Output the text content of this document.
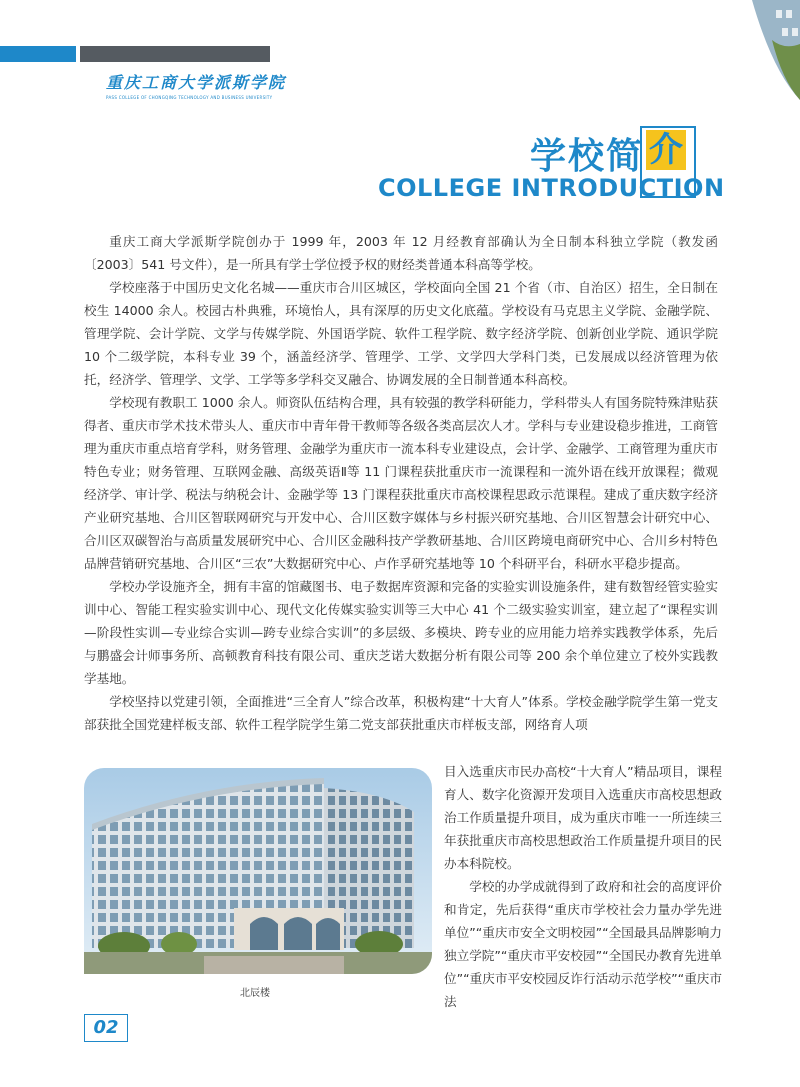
重庆工商大学派斯学院
PASS COLLEGE OF CHONGQING TECHNOLOGY AND BUSINESS UNIVERSITY
学校简 介
COLLEGE INTRODUCTION

重庆工商大学派斯学院创办于 1999 年，2003 年 12 月经教育部确认为全日制本科独立学院（教发函〔2003〕541 号文件），是一所具有学士学位授予权的财经类普通本科高等学校。

学校座落于中国历史文化名城——重庆市合川区城区，学校面向全国 21 个省（市、自治区）招生，全日制在校生 14000 余人。校园古朴典雅，环境怡人，具有深厚的历史文化底蕴。学校设有马克思主义学院、金融学院、管理学院、会计学院、文学与传媒学院、外国语学院、软件工程学院、数字经济学院、创新创业学院、通识学院 10 个二级学院，本科专业 39 个，涵盖经济学、管理学、工学、文学四大学科门类，已发展成以经济管理为依托，经济学、管理学、文学、工学等多学科交叉融合、协调发展的全日制普通本科高校。

学校现有教职工 1000 余人。师资队伍结构合理，具有较强的教学科研能力，学科带头人有国务院特殊津贴获得者、重庆市学术技术带头人、重庆市中青年骨干教师等各级各类高层次人才。学科与专业建设稳步推进，工商管理为重庆市重点培育学科，财务管理、金融学为重庆市一流本科专业建设点，会计学、金融学、工商管理为重庆市特色专业；财务管理、互联网金融、高级英语Ⅱ等 11 门课程获批重庆市一流课程和一流外语在线开放课程；微观经济学、审计学、税法与纳税会计、金融学等 13 门课程获批重庆市高校课程思政示范课程。建成了重庆数字经济产业研究基地、合川区智联网研究与开发中心、合川区数字媒体与乡村振兴研究基地、合川区智慧会计研究中心、合川区双碳智治与高质量发展研究中心、合川区金融科技产学教研基地、合川区跨境电商研究中心、合川乡村特色品牌营销研究基地、合川区“三农”大数据研究中心、卢作孚研究基地等 10 个科研平台，科研水平稳步提高。

学校办学设施齐全，拥有丰富的馆藏图书、电子数据库资源和完备的实验实训设施条件，建有数智经管实验实训中心、智能工程实验实训中心、现代文化传媒实验实训等三大中心 41 个二级实验实训室，建立起了“课程实训—阶段性实训—专业综合实训—跨专业综合实训”的多层级、多模块、跨专业的应用能力培养实践教学体系，先后与鹏盛会计师事务所、高顿教育科技有限公司、重庆芝诺大数据分析有限公司等 200 余个单位建立了校外实践教学基地。

学校坚持以党建引领，全面推进“三全育人”综合改革，积极构建“十大育人”体系。学校金融学院学生第一党支部获批全国党建样板支部、软件工程学院学生第二党支部获批重庆市样板支部，网络育人项

北辰楼

目入选重庆市民办高校“十大育人”精品项目，课程育人、数字化资源开发项目入选重庆市高校思想政治工作质量提升项目，成为重庆市唯一一所连续三年获批重庆市高校思想政治工作质量提升项目的民办本科院校。

学校的办学成就得到了政府和社会的高度评价和肯定，先后获得“重庆市学校社会力量办学先进单位”“重庆市安全文明校园”“全国最具品牌影响力独立学院”“重庆市平安校园”“全国民办教育先进单位”“重庆市平安校园反诈行活动示范学校”“重庆市法

02
